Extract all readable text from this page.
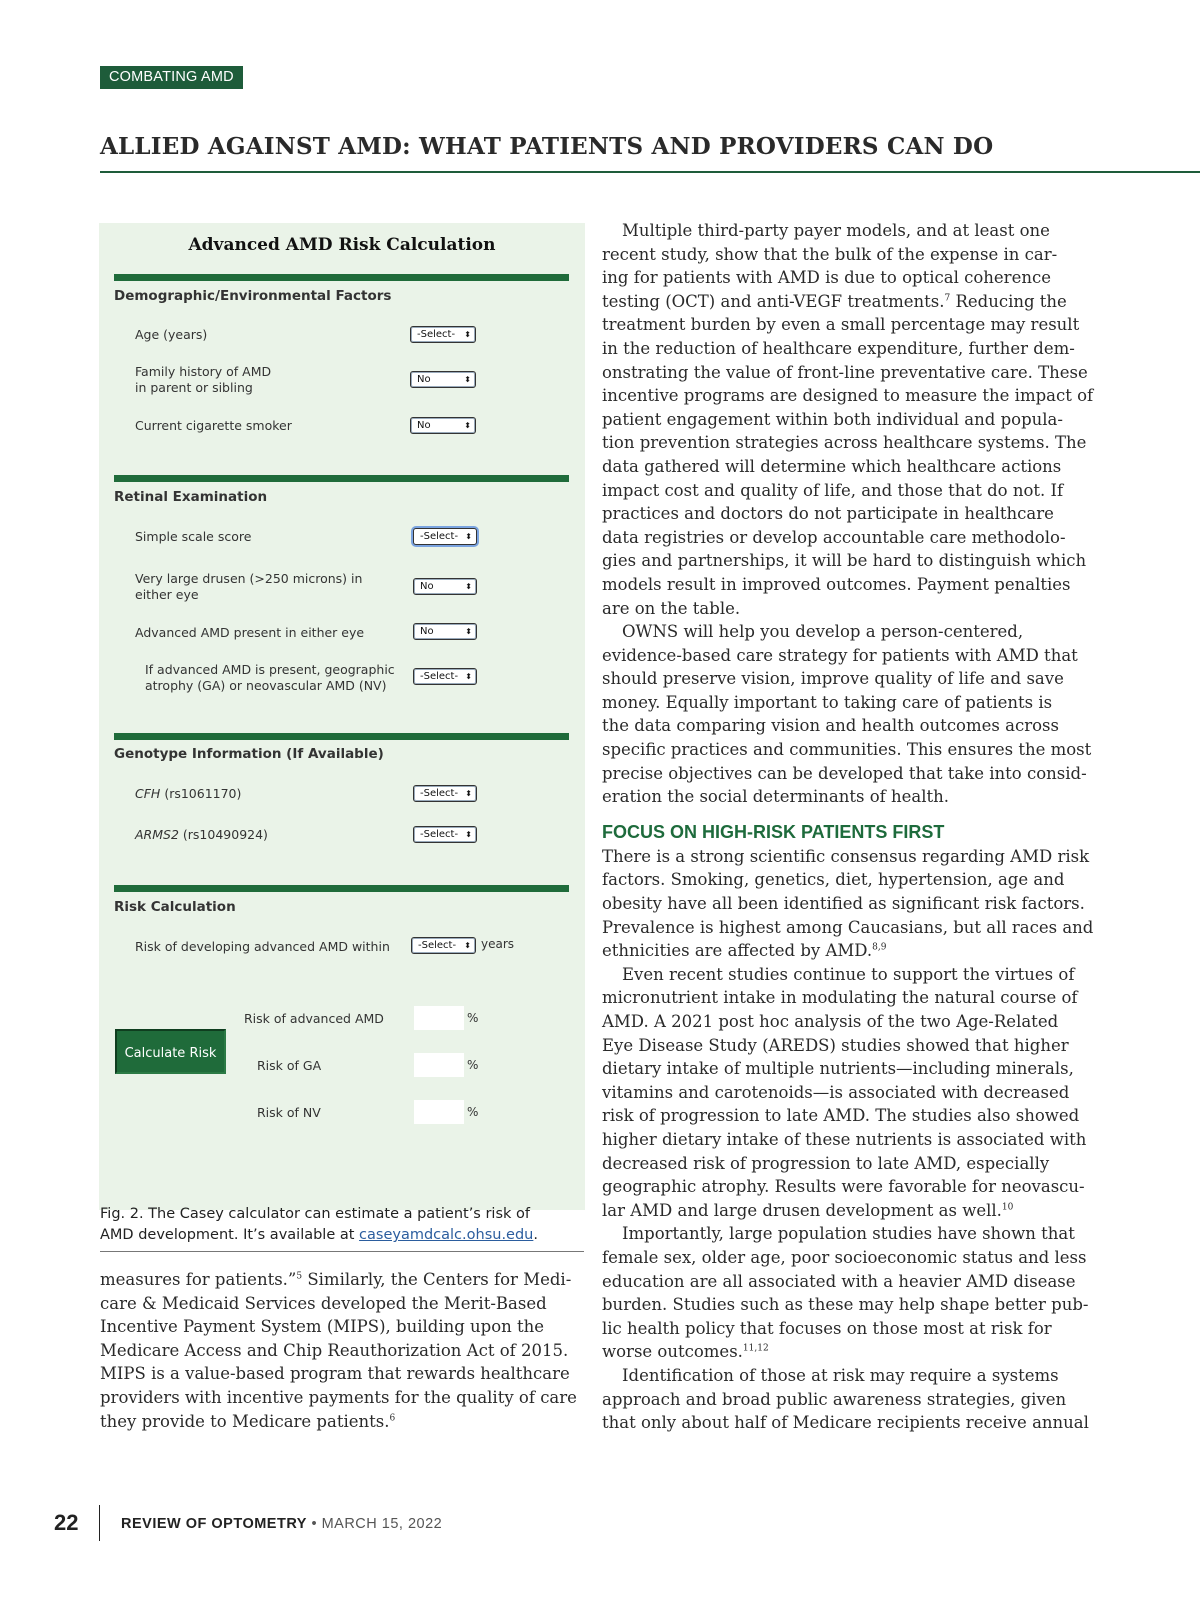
COMBATING AMD
ALLIED AGAINST AMD: WHAT PATIENTS AND PROVIDERS CAN DO
Advanced AMD Risk Calculation
Demographic/Environmental Factors
Age (years)	-Select- ⬍
Family history of AMD
in parent or sibling
No	⬍
Current cigarette smoker	No	⬍
Retinal Examination
Simple scale score	-Select- ⬍
Very large drusen (>250 microns) in
either eye
No	⬍
Advanced AMD present in either eye	No	⬍
If advanced AMD is present, geographic
atrophy (GA) or neovascular AMD (NV)
-Select- ⬍
Genotype Information (If Available)
CFH (rs1061170)	-Select- ⬍
ARMS2 (rs10490924)	-Select- ⬍
Risk Calculation
Risk of developing advanced AMD within	-Select- ⬍ years
Calculate Risk
Risk of advanced AMD	%
Risk of GA	%
Risk of NV	%
Fig. 2. The Casey calculator can estimate a patient’s risk of
AMD development. It’s available at caseyamdcalc.ohsu.edu.

measures for patients.”$^5$ Similarly, the Centers for Medi-

care & Medicaid Services developed the Merit-Based

Incentive Payment System (MIPS), building upon the

Medicare Access and Chip Reauthorization Act of 2015.

MIPS is a value-based program that rewards healthcare

providers with incentive payments for the quality of care

they provide to Medicare patients.$^6$

Multiple third-party payer models, and at least one

recent study, show that the bulk of the expense in car-

ing for patients with AMD is due to optical coherence

testing (OCT) and anti-VEGF treatments.$^7$ Reducing the

treatment burden by even a small percentage may result

in the reduction of healthcare expenditure, further dem-

onstrating the value of front-line preventative care. These

incentive programs are designed to measure the impact of

patient engagement within both individual and popula-

tion prevention strategies across healthcare systems. The

data gathered will determine which healthcare actions

impact cost and quality of life, and those that do not. If

practices and doctors do not participate in healthcare

data registries or develop accountable care methodolo-

gies and partnerships, it will be hard to distinguish which

models result in improved outcomes. Payment penalties

are on the table.

OWNS will help you develop a person-centered,

evidence-based care strategy for patients with AMD that

should preserve vision, improve quality of life and save

money. Equally important to taking care of patients is

the data comparing vision and health outcomes across

specific practices and communities. This ensures the most

precise objectives can be developed that take into consid-

eration the social determinants of health.

FOCUS ON HIGH-RISK PATIENTS FIRST

There is a strong scientific consensus regarding AMD risk

factors. Smoking, genetics, diet, hypertension, age and

obesity have all been identified as significant risk factors.

Prevalence is highest among Caucasians, but all races and

ethnicities are affected by AMD.$^{8,9}$

Even recent studies continue to support the virtues of

micronutrient intake in modulating the natural course of

AMD. A 2021 post hoc analysis of the two Age-Related

Eye Disease Study (AREDS) studies showed that higher

dietary intake of multiple nutrients—including minerals,

vitamins and carotenoids—is associated with decreased

risk of progression to late AMD. The studies also showed

higher dietary intake of these nutrients is associated with

decreased risk of progression to late AMD, especially

geographic atrophy. Results were favorable for neovascu-

lar AMD and large drusen development as well.$^{10}$

Importantly, large population studies have shown that

female sex, older age, poor socioeconomic status and less

education are all associated with a heavier AMD disease

burden. Studies such as these may help shape better pub-

lic health policy that focuses on those most at risk for

worse outcomes.$^{11,12}$

Identification of those at risk may require a systems

approach and broad public awareness strategies, given

that only about half of Medicare recipients receive annual

22	REVIEW OF OPTOMETRY • MARCH 15, 2022
